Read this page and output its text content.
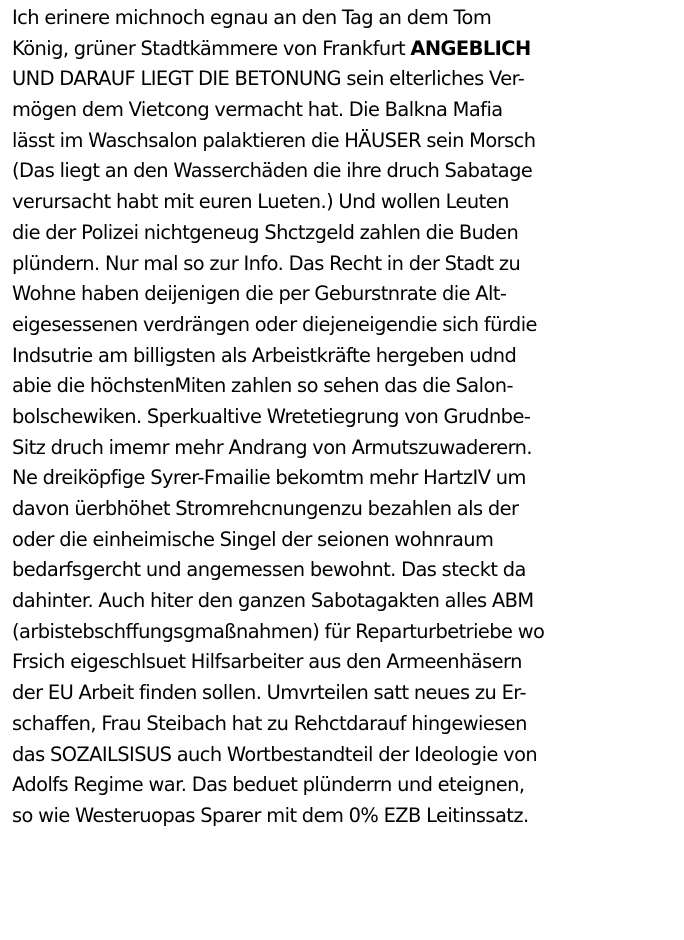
Ich erinere michnoch egnau an den Tag an dem Tom
König, grüner Stadtkämmere von Frankfurt ANGEBLICH
UND DARAUF LIEGT DIE BETONUNG sein elterliches Ver-
mögen dem Vietcong vermacht hat. Die Balkna Mafia
lässt im Waschsalon palaktieren die HÄUSER sein Morsch
(Das liegt an den Wasserchäden die ihre druch Sabatage
verursacht habt mit euren Lueten.) Und wollen Leuten
die der Polizei nichtgeneug Shctzgeld zahlen die Buden
plündern. Nur mal so zur Info. Das Recht in der Stadt zu
Wohne haben deijenigen die per Geburstnrate die Alt-
eigesessenen verdrängen oder diejeneigendie sich fürdie
Indsutrie am billigsten als Arbeistkräfte hergeben udnd
abie die höchstenMiten zahlen so sehen das die Salon-
bolschewiken. Sperkualtive Wretetiegrung von Grudnbe-
Sitz druch imemr mehr Andrang von Armutszuwaderern.
Ne dreiköpfige Syrer-Fmailie bekomtm mehr HartzIV um
davon üerbhöhet Stromrehcnungenzu bezahlen als der
oder die einheimische Singel der seionen wohnraum
bedarfsgercht und angemessen bewohnt. Das steckt da
dahinter. Auch hiter den ganzen Sabotagakten alles ABM
(arbistebschffungsgmaßnahmen) für Reparturbetriebe wo
Frsich eigeschlsuet Hilfsarbeiter aus den Armeenhäsern
der EU Arbeit finden sollen. Umvrteilen satt neues zu Er-
schaffen, Frau Steibach hat zu Rehctdarauf hingewiesen
das SOZAILSISUS auch Wortbestandteil der Ideologie von
Adolfs Regime war. Das beduet plünderrn und eteignen,
so wie Westeruopas Sparer mit dem 0% EZB Leitinssatz.
